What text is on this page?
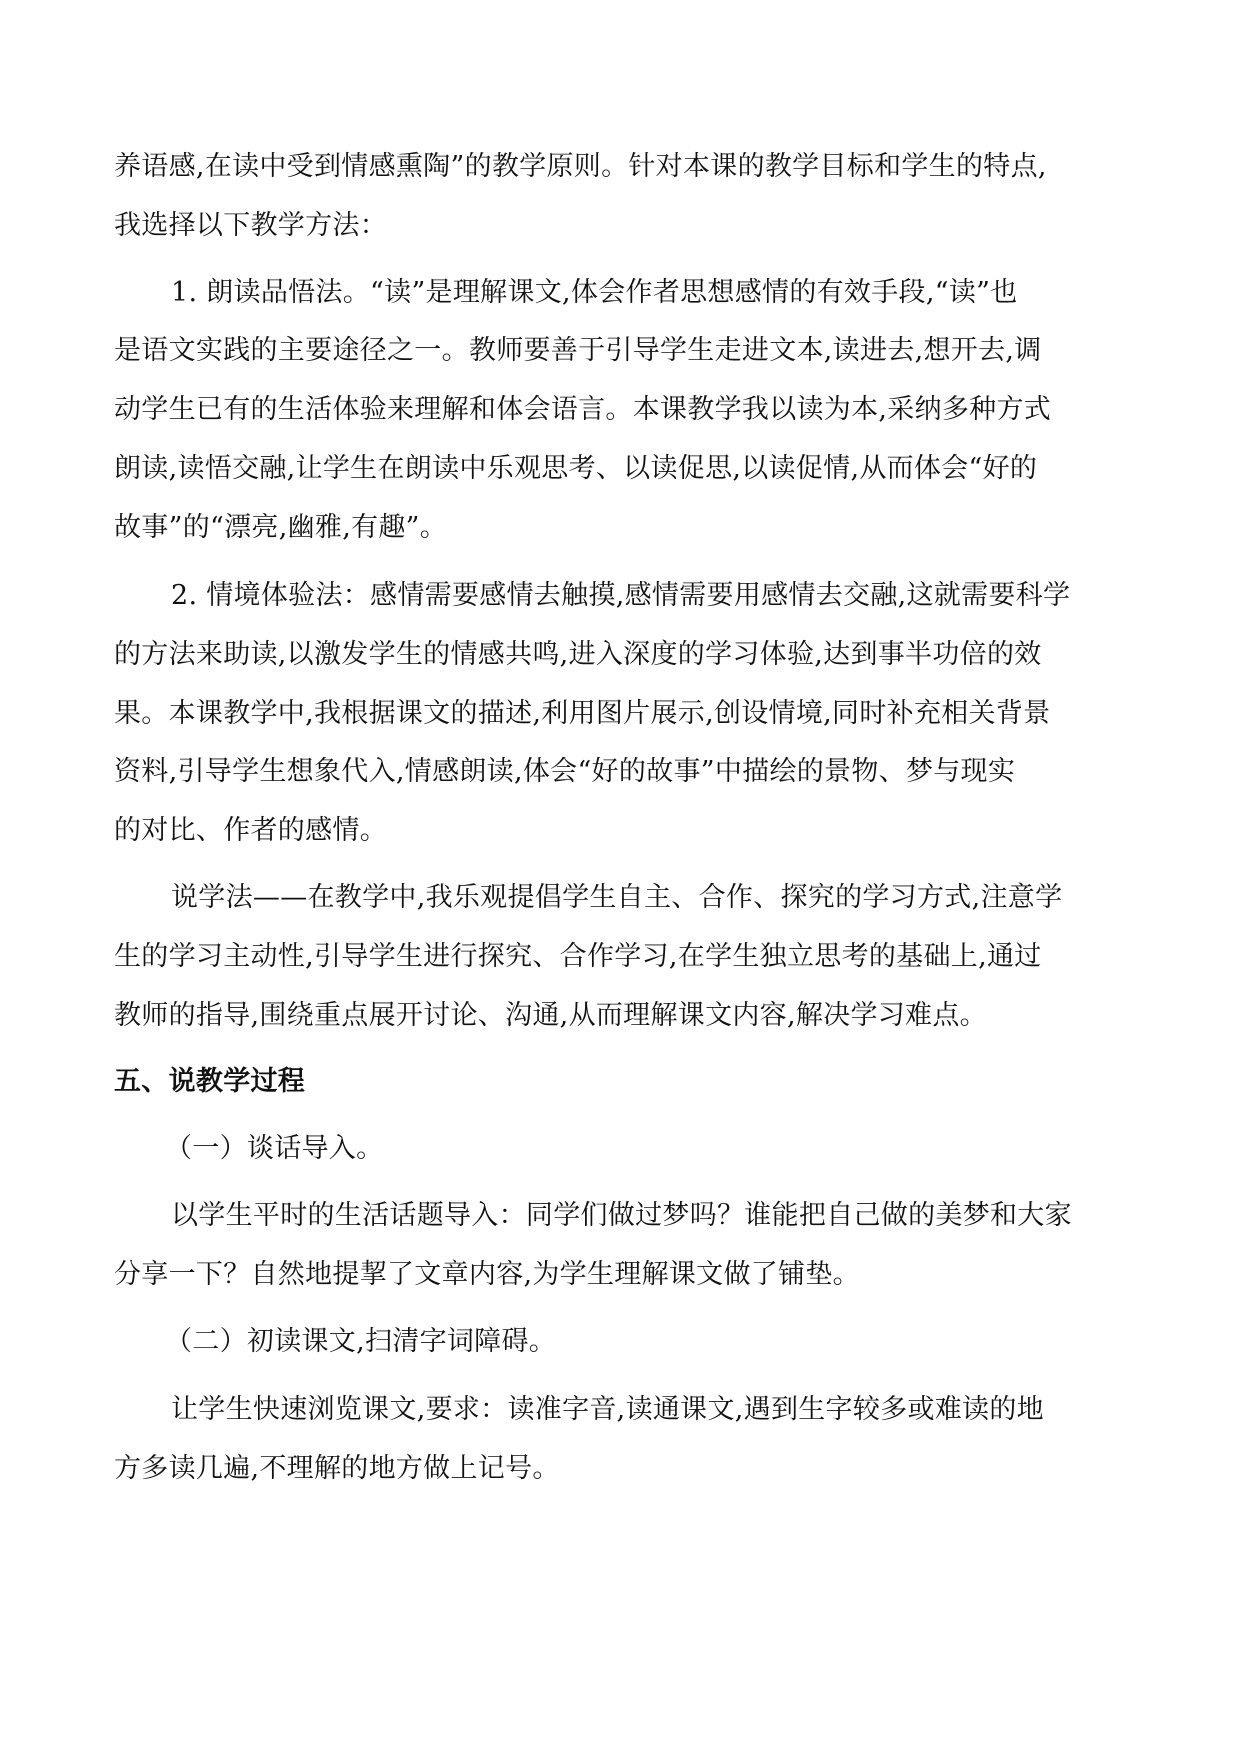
养语感,在读中受到情感熏陶”的教学原则。针对本课的教学目标和学生的特点,
我选择以下教学方法：
1. 朗读品悟法。“读”是理解课文,体会作者思想感情的有效手段,“读”也
是语文实践的主要途径之一。教师要善于引导学生走进文本,读进去,想开去,调
动学生已有的生活体验来理解和体会语言。本课教学我以读为本,采纳多种方式
朗读,读悟交融,让学生在朗读中乐观思考、以读促思,以读促情,从而体会“好的
故事”的“漂亮,幽雅,有趣”。
2. 情境体验法：感情需要感情去触摸,感情需要用感情去交融,这就需要科学
的方法来助读,以激发学生的情感共鸣,进入深度的学习体验,达到事半功倍的效
果。本课教学中,我根据课文的描述,利用图片展示,创设情境,同时补充相关背景
资料,引导学生想象代入,情感朗读,体会“好的故事”中描绘的景物、梦与现实
的对比、作者的感情。
说学法——在教学中,我乐观提倡学生自主、合作、探究的学习方式,注意学
生的学习主动性,引导学生进行探究、合作学习,在学生独立思考的基础上,通过
教师的指导,围绕重点展开讨论、沟通,从而理解课文内容,解决学习难点。
五、说教学过程
（一）谈话导入。
以学生平时的生活话题导入：同学们做过梦吗？谁能把自己做的美梦和大家
分享一下？自然地提挈了文章内容,为学生理解课文做了铺垫。
（二）初读课文,扫清字词障碍。
让学生快速浏览课文,要求：读准字音,读通课文,遇到生字较多或难读的地
方多读几遍,不理解的地方做上记号。
